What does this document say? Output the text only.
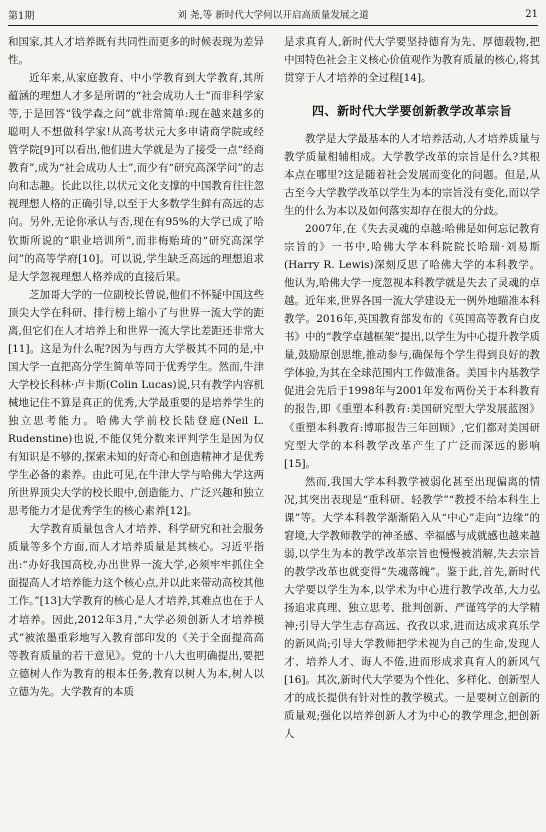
第1期	刘 尧,等 新时代大学何以开启高质量发展之道	21

和国家,其人才培养既有共同性而更多的时候表现为差异性。

近年来,从家庭教育、中小学教育到大学教育,其所蕴涵的理想人才多是所谓的“社会成功人士”而非科学家等,于是回答“钱学森之问”就非常简单:现在越来越多的聪明人不想做科学家!从高考状元大多申请商学院或经管学院[9]可以看出,他们进大学就是为了接受一点“经商教育”,成为“社会成功人士”,而少有“研究高深学问”的志向和志趣。长此以往,以状元文化支撑的中国教育往往忽视理想人格的正确引导,以至于大多数学生鲜有高远的志向。另外,无论你承认与否,现在有95%的大学已成了哈钦斯所说的“职业培训所”,而非梅贻琦的“研究高深学问”的高等学府[10]。可以说,学生缺乏高远的理想追求是大学忽视理想人格养成的直接后果。

芝加哥大学的一位副校长曾说,他们不怀疑中国这些顶尖大学在科研、排行榜上缩小了与世界一流大学的距离,但它们在人才培养上和世界一流大学比差距还非常大[11]。这是为什么呢?因为与西方大学极其不同的是,中国大学一直把高分学生简单等同于优秀学生。然而,牛津大学校长科林·卢卡斯(Colin Lucas)说,只有教学内容机械地记住不算是真正的优秀,大学最重要的是培养学生的独立思考能力。哈佛大学前校长陆登庭(Neil L. Rudenstine)也说,不能仅凭分数来评判学生是因为仅有知识是不够的,探索未知的好奇心和创造精神才是优秀学生必备的素养。由此可见,在牛津大学与哈佛大学这两所世界顶尖大学的校长眼中,创造能力、广泛兴趣和独立思考能力才是优秀学生的核心素养[12]。

大学教育质量包含人才培养、科学研究和社会服务质量等多个方面,而人才培养质量是其核心。习近平指出:“办好我国高校,办出世界一流大学,必须牢牢抓住全面提高人才培养能力这个核心点,并以此来带动高校其他工作。”[13]大学教育的核心是人才培养,其难点也在于人才培养。因此,2012年3月,“大学必须创新人才培养模式”被浓墨重彩地写入教育部印发的《关于全面提高高等教育质量的若干意见》。党的十八大也明确提出,要把立德树人作为教育的根本任务,教育以树人为本,树人以立德为先。大学教育的本质

是求真育人,新时代大学要坚持德育为先、厚德载物,把中国特色社会主义核心价值观作为教育质量的核心,将其贯穿于人才培养的全过程[14]。

四、新时代大学要创新教学改革宗旨

教学是大学最基本的人才培养活动,人才培养质量与教学质量相辅相成。大学教学改革的宗旨是什么?其根本点在哪里?这是随着社会发展而变化的问题。但是,从古至今大学教学改革以学生为本的宗旨没有变化,而以学生的什么为本以及如何落实却存在很大的分歧。

2007年,在《失去灵魂的卓越:哈佛是如何忘记教育宗旨的》一书中,哈佛大学本科院院长哈瑞·刘易斯(Harry R. Lewis)深刻反思了哈佛大学的本科教学。他认为,哈佛大学一度忽视本科教学就是失去了灵魂的卓越。近年来,世界各国一流大学建设无一例外地瞄准本科教学。2016年,英国教育部发布的《英国高等教育白皮书》中的“教学卓越框架”提出,以学生为中心提升教学质量,鼓励原创思维,推动参与,确保每个学生得到良好的教学体验,为其在全球范围内工作做准备。美国卡内基教学促进会先后于1998年与2001年发布两份关于本科教育的报告,即《重塑本科教育:美国研究型大学发展蓝图》《重塑本科教育:博耶报告三年回顾》,它们都对美国研究型大学的本科教学改革产生了广泛而深远的影响[15]。

然而,我国大学本科教学被弱化甚至出现偏离的情况,其突出表现是“重科研、轻教学”“教授不给本科生上课”等。大学本科教学渐渐陷入从“中心”走向“边缘”的窘境,大学教师教学的神圣感、幸福感与成就感也越来越弱,以学生为本的教学改革宗旨也慢慢被消解,失去宗旨的教学改革也就变得“失魂落魄”。鉴于此,首先,新时代大学要以学生为本,以学术为中心进行教学改革,大力弘扬追求真理、独立思考、批判创新、严谨笃学的大学精神;引导大学生志存高远、孜孜以求,进而达成求真乐学的新风尚;引导大学教师把学术视为自己的生命,发现人才、培养人才、诲人不倦,进而形成求真育人的新风气[16]。其次,新时代大学要为个性化、多样化、创新型人才的成长提供有针对性的教学模式。一是要树立创新的质量观;强化以培养创新人才为中心的教学理念,把创新人
